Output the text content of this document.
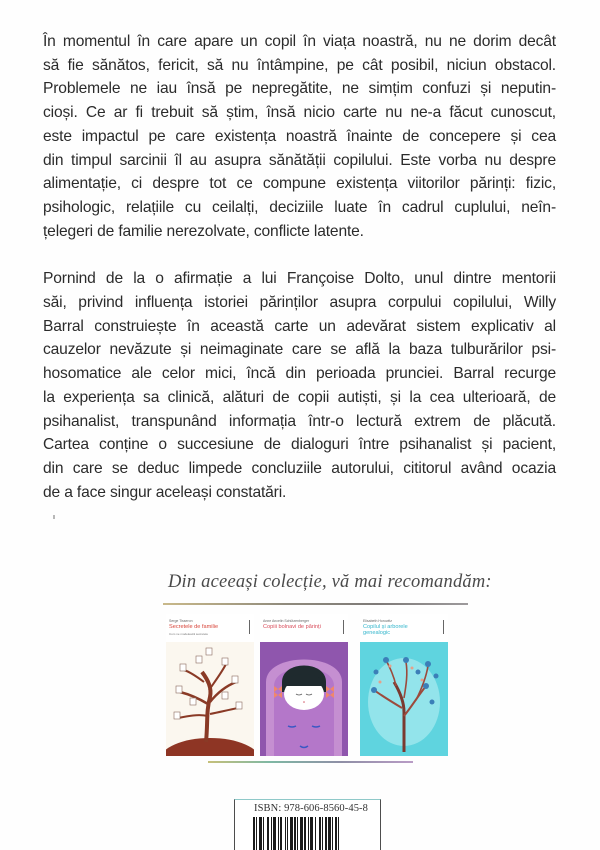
În momentul în care apare un copil în viața noastră, nu ne dorim decât
să fie sănătos, fericit, să nu întâmpine, pe cât posibil, niciun obstacol.
Problemele ne iau însă pe nepregătite, ne simțim confuzi și neputin-
cioși. Ce ar fi trebuit să știm, însă nicio carte nu ne-a făcut cunoscut,
este impactul pe care existența noastră înainte de concepere și cea
din timpul sarcinii îl au asupra sănătății copilului. Este vorba nu despre
alimentație, ci despre tot ce compune existența viitorilor părinți: fizic,
psihologic, relațiile cu ceilalți, deciziile luate în cadrul cuplului, neîn-
țelegeri de familie nerezolvate, conflicte latente.

Pornind de la o afirmație a lui Françoise Dolto, unul dintre mentorii
săi, privind influența istoriei părinților asupra corpului copilului, Willy
Barral construiește în această carte un adevărat sistem explicativ al
cauzelor nevăzute și neimaginate care se află la baza tulburărilor psi-
hosomatice ale celor mici, încă din perioada pruncieі. Barral recurge
la experiența sa clinică, alături de copii autiști, și la cea ulterioară, de
psihanalist, transpunând informația într-o lectură extrem de plăcută.
Cartea conține o succesiune de dialoguri între psihanalist și pacient,
din care se deduc limpede concluziile autorului, cititorul având ocazia
de a face singur aceleași constatări.

Din aceeași colecție, vă mai recomandăm:
Serge Tisseron
Secretele de familie
Cum ne modelează secretele
Anne Ancelin Schützenberger
Copiii bolnavi de părinți
Elisabeth Horowitz
Copilul și arborele genealogic
ISBN: 978-606-8560-45-8
